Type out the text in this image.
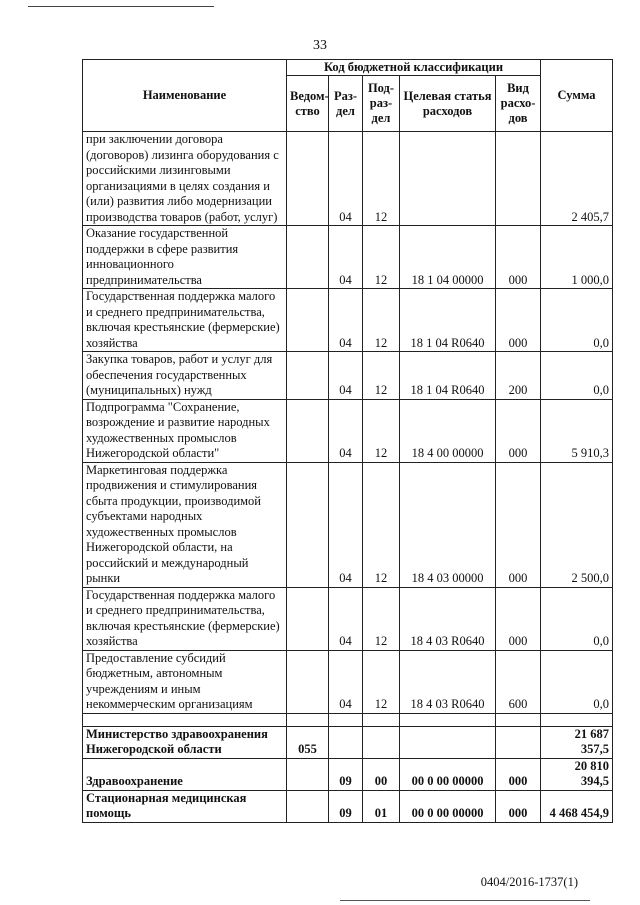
33
Наименование	Код бюджетной классификации					Сумма
	Ведом-ство	Раз-дел	Под-раз-дел	Целевая статья расходов	Вид расхо-дов	
при заключении договора (договоров) лизинга оборудования с российскими лизинговыми организациями в целях создания и (или) развития либо модернизации производства товаров (работ, услуг)		04	12			2 405,7
Оказание государственной поддержки в сфере развития инновационного предпринимательства		04	12	18 1 04 00000	000	1 000,0
Государственная поддержка малого и среднего предпринимательства, включая крестьянские (фермерские) хозяйства		04	12	18 1 04 R0640	000	0,0
Закупка товаров, работ и услуг для обеспечения государственных (муниципальных) нужд		04	12	18 1 04 R0640	200	0,0
Подпрограмма "Сохранение, возрождение и развитие народных художественных промыслов Нижегородской области"		04	12	18 4 00 00000	000	5 910,3
Маркетинговая поддержка продвижения и стимулирования сбыта продукции, производимой субъектами народных художественных промыслов Нижегородской области, на российский и международный рынки		04	12	18 4 03 00000	000	2 500,0
Государственная поддержка малого и среднего предпринимательства, включая крестьянские (фермерские) хозяйства		04	12	18 4 03 R0640	000	0,0
Предоставление субсидий бюджетным, автономным учреждениям и иным некоммерческим организациям		04	12	18 4 03 R0640	600	0,0

Министерство здравоохранения Нижегородской области	055					21 687 357,5
Здравоохранение		09	00	00 0 00 00000	000	20 810 394,5
Стационарная медицинская помощь		09	01	00 0 00 00000	000	4 468 454,9
0404/2016-1737(1)
